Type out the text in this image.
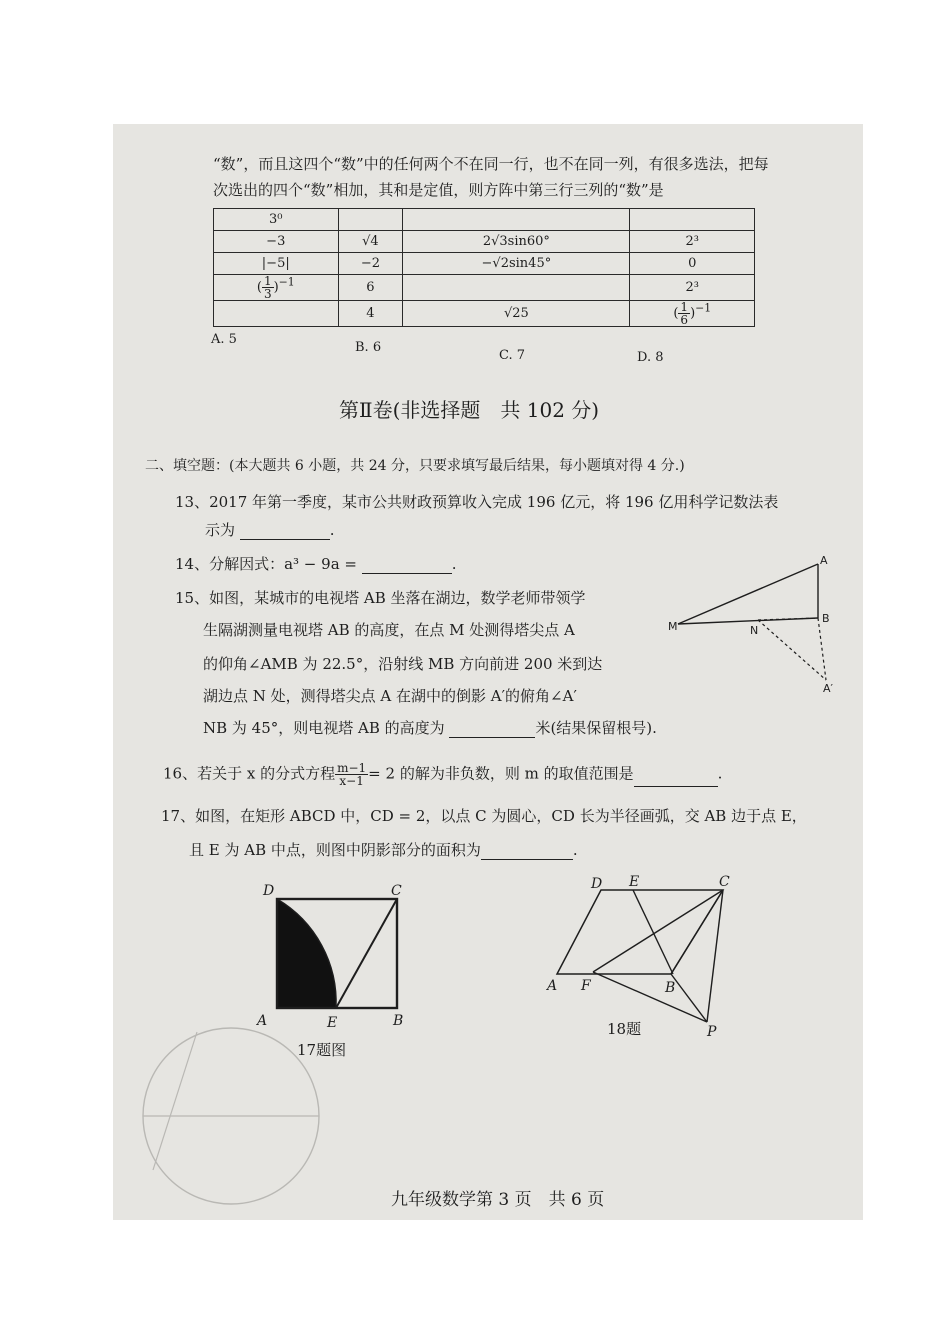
“数”，而且这四个“数”中的任何两个不在同一行，也不在同一列，有很多选法，把每
次选出的四个“数”相加，其和是定值，则方阵中第三行三列的“数”是
3⁰			
−3	√4	2√3sin60°	2³
|−5|	−2	−√2sin45°	0
( $\frac{1}{3} )^{-1}$	6		2³
	4	√25	( $\frac{1}{6} )^{-1}$
A. 5
B. 6
C. 7	D. 8
第Ⅱ卷(非选择题　共 102 分)
二、填空题：(本大题共 6 小题，共 24 分，只要求填写最后结果，每小题填对得 4 分.)
13、2017 年第一季度，某市公共财政预算收入完成 196 亿元，将 196 亿用科学记数法表
示为	.
14、分解因式：a³ − 9a =	.
15、如图，某城市的电视塔 AB 坐落在湖边，数学老师带领学
生隔湖测量电视塔 AB 的高度，在点 M 处测得塔尖点 A
的仰角∠AMB 为 22.5°，沿射线 MB 方向前进 200 米到达
湖边点 N 处，测得塔尖点 A 在湖中的倒影 A′的俯角∠A′
NB 为 45°，则电视塔 AB 的高度为	米(结果保留根号).
A
B
M	N
A′
16、若关于 x 的分式方程 $\frac{m-1}{x-1} = 2$ 的解为非负数，则 m 的取值范围是	.
17、如图，在矩形 ABCD 中，CD = 2，以点 C 为圆心，CD 长为半径画弧，交 AB 边于点 E，
且 E 为 AB 中点，则图中阴影部分的面积为	.
D	C
A	E	B
17题图
D E	C
A F	B
P
18题
九年级数学第 3 页　共 6 页
